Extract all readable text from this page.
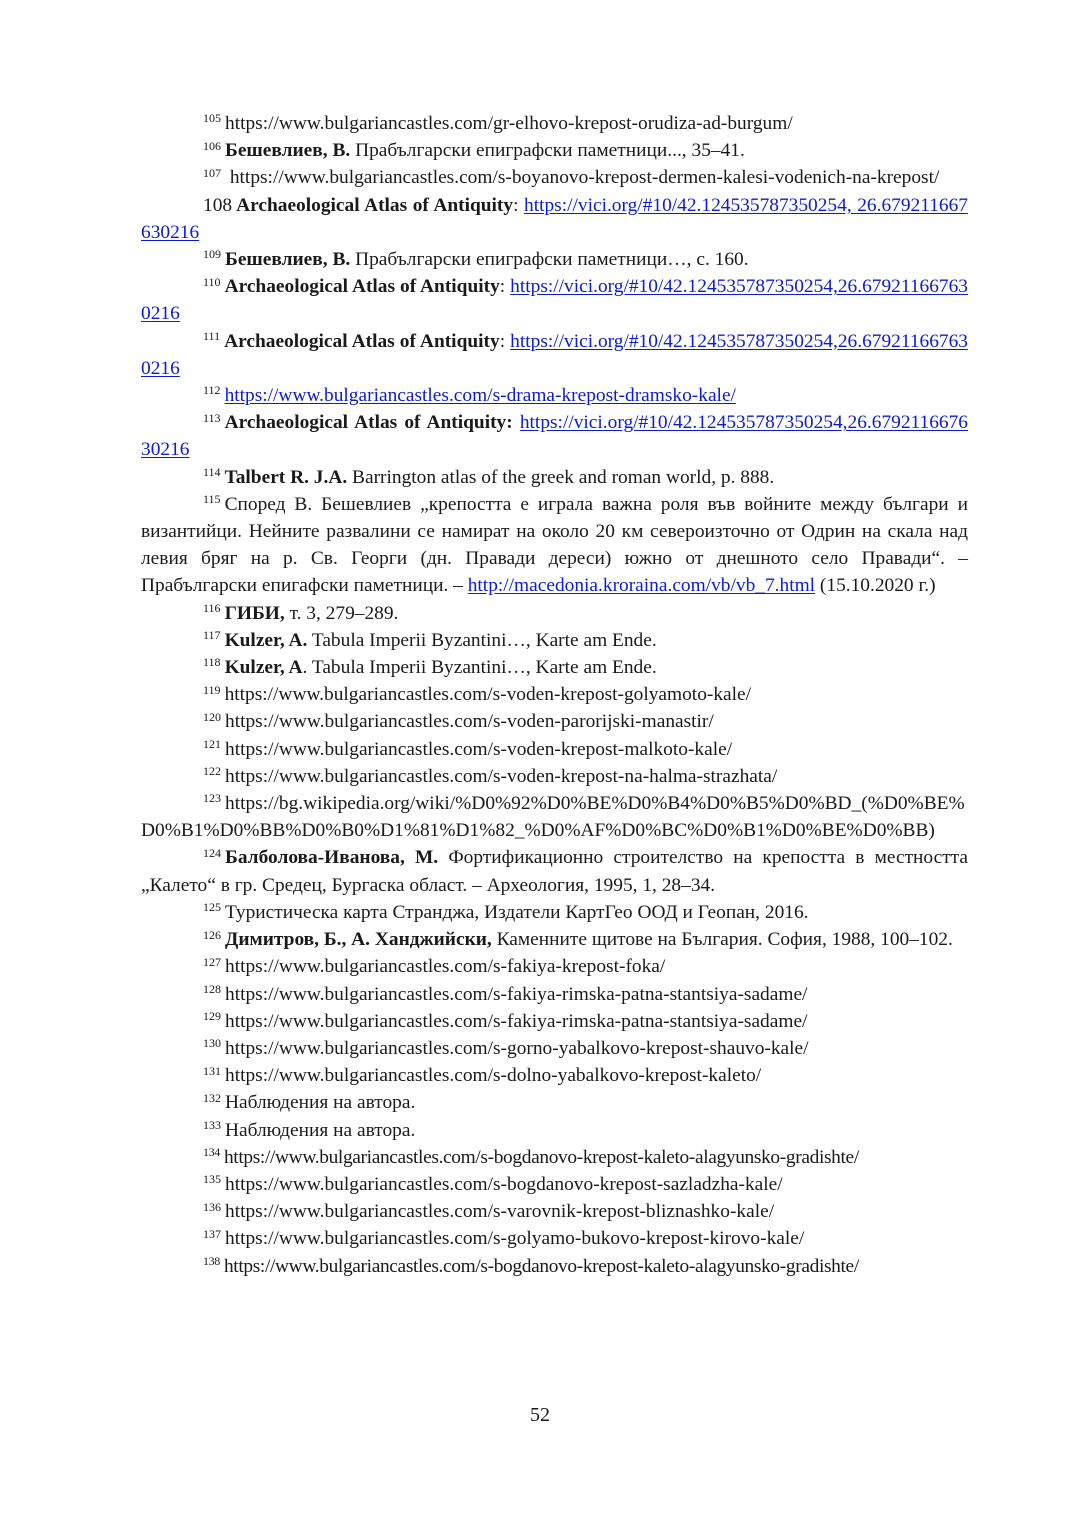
$^{105}$ https://www.bulgariancastles.com/gr-elhovo-krepost-orudiza-ad-burgum/

$^{106}$ Бешевлиев, В. Прабългарски епиграфски паметници..., 35–41.

$^{107}$ https://www.bulgariancastles.com/s-boyanovo-krepost-dermen-kalesi-vodenich-na-krepost/

108 Archaeological Atlas of Antiquity: https://vici.org/#10/42.124535787350254, 26.679211667630216

$^{109}$ Бешевлиев, В. Прабългарски епиграфски паметници…, с. 160.

$^{110}$ Archaeological Atlas of Antiquity: https://vici.org/#10/42.124535787350254,26.679211667630216

$^{111}$ Archaeological Atlas of Antiquity: https://vici.org/#10/42.124535787350254,26.679211667630216

$^{112}$ https://www.bulgariancastles.com/s-drama-krepost-dramsko-kale/

$^{113}$ Archaeological Atlas of Antiquity: https://vici.org/#10/42.124535787350254,26.679211667630216

$^{114}$ Talbert R. J.A. Barrington atlas of the greek and roman world, p. 888.

$^{115}$ Според В. Бешевлиев „крепостта е играла важна роля във войните между българи и византийци. Нейните развалини се намират на около 20 км североизточно от Одрин на скала над левия бряг на р. Св. Георги (дн. Правади дереси) южно от днешното село Правади“. – Прабългарски епигафски паметници. – http://macedonia.kroraina.com/vb/vb_7.html (15.10.2020 г.)

$^{116}$ ГИБИ, т. 3, 279–289.

$^{117}$ Kulzer, A. Tabula Imperii Byzantini…, Karte am Ende.

$^{118}$ Kulzer, A. Tabula Imperii Byzantini…, Karte am Ende.

$^{119}$ https://www.bulgariancastles.com/s-voden-krepost-golyamoto-kale/

$^{120}$ https://www.bulgariancastles.com/s-voden-parorijski-manastir/

$^{121}$ https://www.bulgariancastles.com/s-voden-krepost-malkoto-kale/

$^{122}$ https://www.bulgariancastles.com/s-voden-krepost-na-halma-strazhata/

$^{123}$ https://bg.wikipedia.org/wiki/%D0%92%D0%BE%D0%B4%D0%B5%D0%BD_(%D0%BE%D0%B1%D0%BB%D0%B0%D1%81%D1%82_%D0%AF%D0%BC%D0%B1%D0%BE%D0%BB)

$^{124}$ Балболова-Иванова, М. Фортификационно строителство на крепостта в местността „Калето“ в гр. Средец, Бургаска област. – Археология, 1995, 1, 28–34.

$^{125}$ Туристическа карта Странджа, Издатели КартГео ООД и Геопан, 2016.

$^{126}$ Димитров, Б., А. Ханджийски, Каменните щитове на България. София, 1988, 100–102.

$^{127}$ https://www.bulgariancastles.com/s-fakiya-krepost-foka/

$^{128}$ https://www.bulgariancastles.com/s-fakiya-rimska-patna-stantsiya-sadame/

$^{129}$ https://www.bulgariancastles.com/s-fakiya-rimska-patna-stantsiya-sadame/

$^{130}$ https://www.bulgariancastles.com/s-gorno-yabalkovo-krepost-shauvo-kale/

$^{131}$ https://www.bulgariancastles.com/s-dolno-yabalkovo-krepost-kaleto/

$^{132}$ Наблюдения на автора.

$^{133}$ Наблюдения на автора.

$^{134}$ https://www.bulgariancastles.com/s-bogdanovo-krepost-kaleto-alagyunsko-gradishte/

$^{135}$ https://www.bulgariancastles.com/s-bogdanovo-krepost-sazladzha-kale/

$^{136}$ https://www.bulgariancastles.com/s-varovnik-krepost-bliznashko-kale/

$^{137}$ https://www.bulgariancastles.com/s-golyamo-bukovo-krepost-kirovo-kale/

$^{138}$ https://www.bulgariancastles.com/s-bogdanovo-krepost-kaleto-alagyunsko-gradishte/

52
